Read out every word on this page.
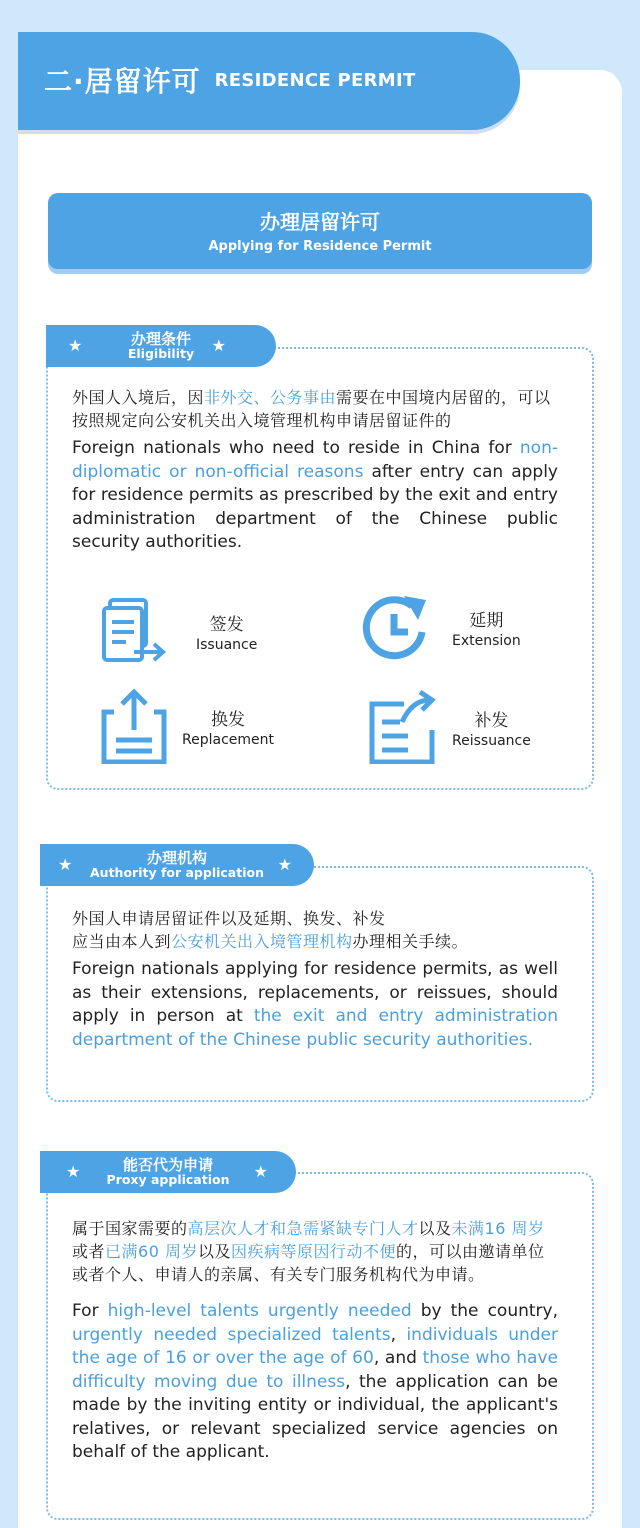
二·居留许可 RESIDENCE PERMIT
办理居留许可
Applying for Residence Permit
★	办理条件
Eligibility ★

外国人入境后，因非外交、公务事由需要在中国境内居留的，可以按照规定向公安机关出入境管理机构申请居留证件的

Foreign nationals who need to reside in China for non-diplomatic or non-official reasons after entry can apply for residence permits as prescribed by the exit and entry administration department of the Chinese public security authorities.

签发
Issuance
延期
Extension
换发
Replacement
补发
Reissuance
★	办理机构
Authority for application ★

外国人申请居留证件以及延期、换发、补发

应当由本人到公安机关出入境管理机构办理相关手续。

Foreign nationals applying for residence permits, as well as their extensions, replacements, or reissues, should apply in person at the exit and entry administration department of the Chinese public security authorities.

★	能否代为申请
Proxy application ★

属于国家需要的高层次人才和急需紧缺专门人才以及未满16 周岁或者已满60 周岁以及因疾病等原因行动不便的，可以由邀请单位或者个人、申请人的亲属、有关专门服务机构代为申请。

For high-level talents urgently needed by the country, urgently needed specialized talents, individuals under the age of 16 or over the age of 60, and those who have difficulty moving due to illness, the application can be made by the inviting entity or individual, the applicant's relatives, or relevant specialized service agencies on behalf of the applicant.
